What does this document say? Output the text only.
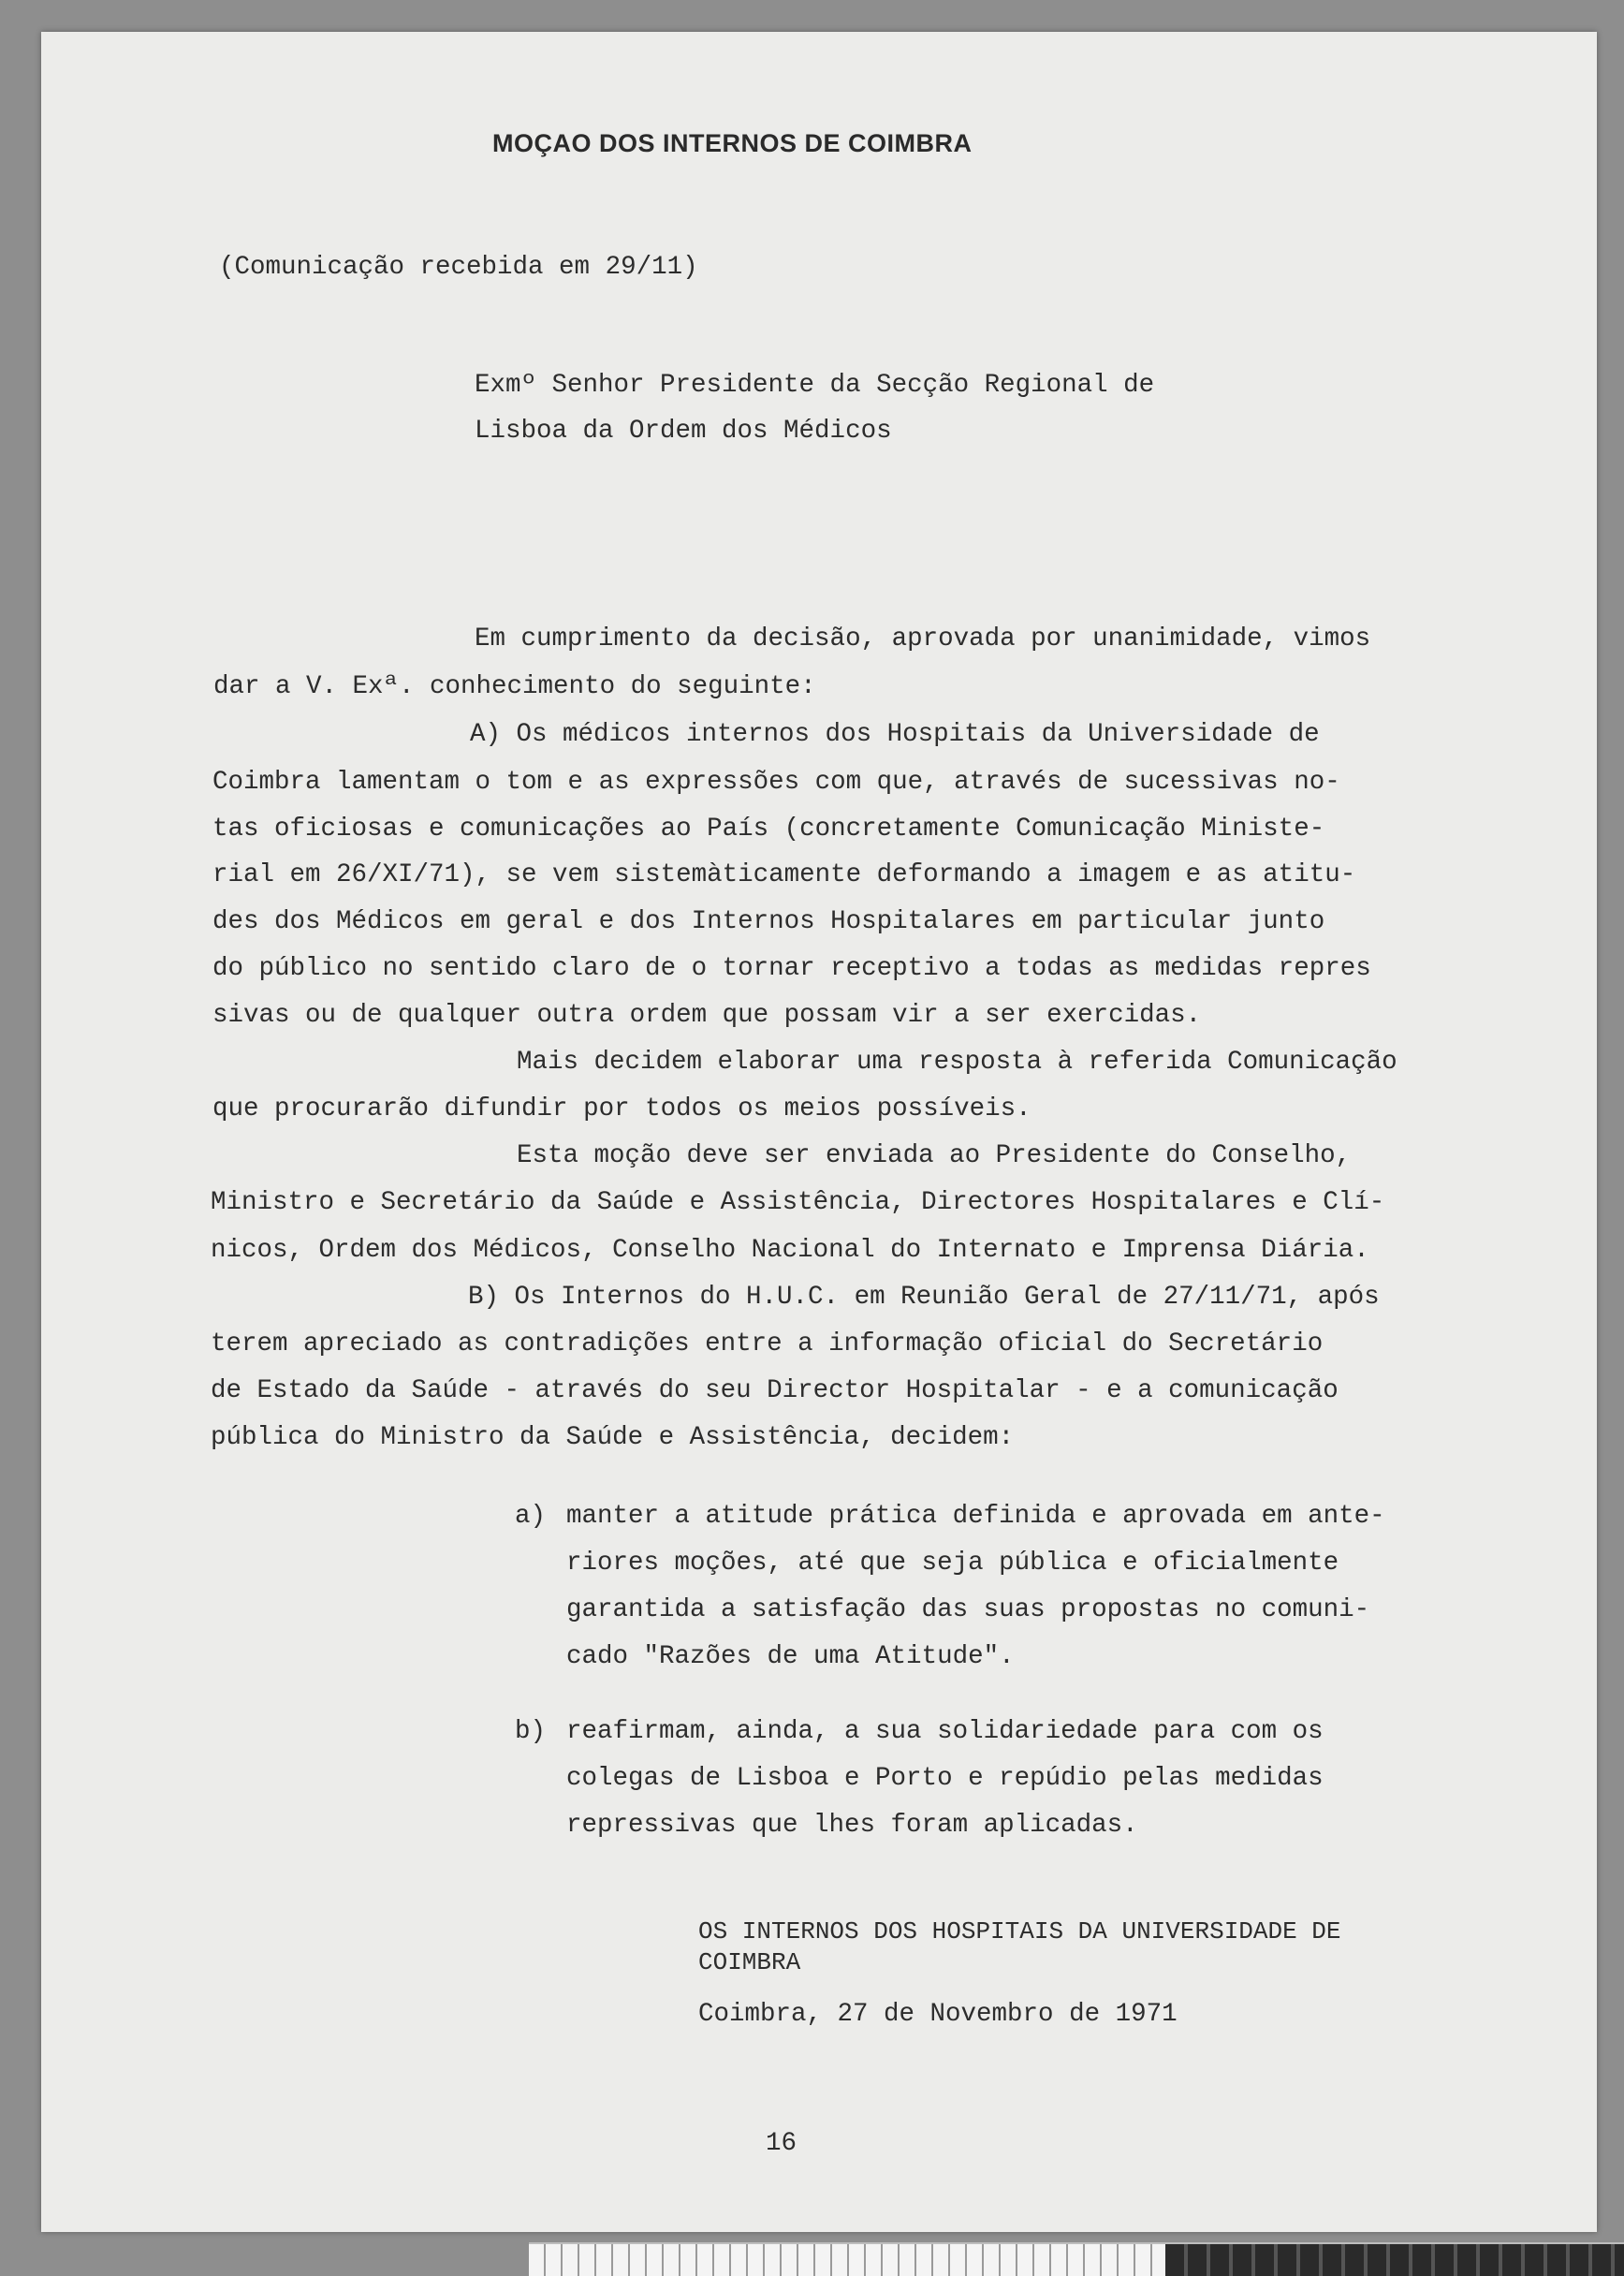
MOÇAO DOS INTERNOS DE COIMBRA
(Comunicação recebida em 29/11)
Exmº Senhor Presidente da Secção Regional de
Lisboa da Ordem dos Médicos
Em cumprimento da decisão, aprovada por unanimidade, vimos
dar a V. Exª. conhecimento do seguinte:
A) Os médicos internos dos Hospitais da Universidade de
Coimbra lamentam o tom e as expressões com que, através de sucessivas no-
tas oficiosas e comunicações ao País (concretamente Comunicação Ministe-
rial em 26/XI/71), se vem sistemàticamente deformando a imagem e as atitu-
des dos Médicos em geral e dos Internos Hospitalares em particular junto
do público no sentido claro de o tornar receptivo a todas as medidas repres
sivas ou de qualquer outra ordem que possam vir a ser exercidas.
Mais decidem elaborar uma resposta à referida Comunicação
que procurarão difundir por todos os meios possíveis.
Esta moção deve ser enviada ao Presidente do Conselho,
Ministro e Secretário da Saúde e Assistência, Directores Hospitalares e Clí-
nicos, Ordem dos Médicos, Conselho Nacional do Internato e Imprensa Diária.
B) Os Internos do H.U.C. em Reunião Geral de 27/11/71, após
terem apreciado as contradições entre a informação oficial do Secretário
de Estado da Saúde - através do seu Director Hospitalar - e a comunicação
pública do Ministro da Saúde e Assistência, decidem:
a) manter a atitude prática definida e aprovada em ante-
riores moções, até que seja pública e oficialmente
garantida a satisfação das suas propostas no comuni-
cado "Razões de uma Atitude".
b) reafirmam, ainda, a sua solidariedade para com os
colegas de Lisboa e Porto e repúdio pelas medidas
repressivas que lhes foram aplicadas.
OS INTERNOS DOS HOSPITAIS DA UNIVERSIDADE DE
COIMBRA
Coimbra, 27 de Novembro de 1971
16
